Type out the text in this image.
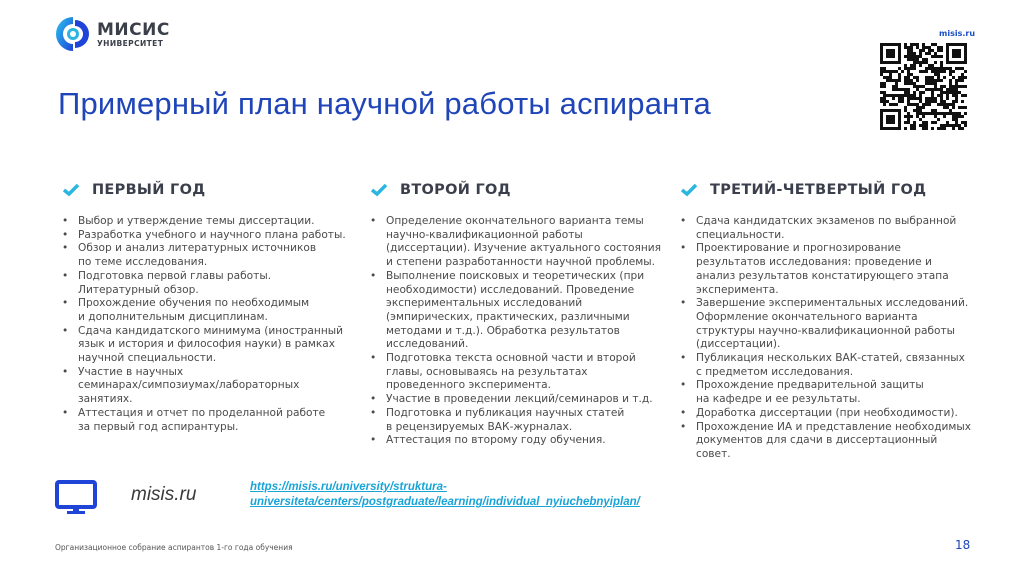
МИСИС
УНИВЕРСИТЕТ
misis.ru
Примерный план научной работы аспиранта
ПЕРВЫЙ ГОД
• Выбор и утверждение темы диссертации.
• Разработка учебного и научного плана работы.
• Обзор и анализ литературных источников
по теме исследования.
• Подготовка первой главы работы.
Литературный обзор.
• Прохождение обучения по необходимым
и дополнительным дисциплинам.
• Сдача кандидатского минимума (иностранный
язык и история и философия науки) в рамках
научной специальности.
• Участие в научных
семинарах/симпозиумах/лабораторных
занятиях.
• Аттестация и отчет по проделанной работе
за первый год аспирантуры.
ВТОРОЙ ГОД
• Определение окончательного варианта темы
научно-квалификационной работы
(диссертации). Изучение актуального состояния
и степени разработанности научной проблемы.
• Выполнение поисковых и теоретических (при
необходимости) исследований. Проведение
экспериментальных исследований
(эмпирических, практических, различными
методами и т.д.). Обработка результатов
исследований.
• Подготовка текста основной части и второй
главы, основываясь на результатах
проведенного эксперимента.
• Участие в проведении лекций/семинаров и т.д.
• Подготовка и публикация научных статей
в рецензируемых ВАК-журналах.
• Аттестация по второму году обучения.
ТРЕТИЙ-ЧЕТВЕРТЫЙ ГОД
• Сдача кандидатских экзаменов по выбранной
специальности.
• Проектирование и прогнозирование
результатов исследования: проведение и
анализ результатов констатирующего этапа
эксперимента.
• Завершение экспериментальных исследований.
Оформление окончательного варианта
структуры научно-квалификационной работы
(диссертации).
• Публикация нескольких ВАК-статей, связанных
с предметом исследования.
• Прохождение предварительной защиты
на кафедре и ее результаты.
• Доработка диссертации (при необходимости).
• Прохождение ИА и представление необходимых
документов для сдачи в диссертационный
совет.
misis.ru	https://misis.ru/university/struktura-
universiteta/centers/postgraduate/learning/individual_nyiuchebnyiplan/
Организационное собрание аспирантов 1-го года обучения	18
